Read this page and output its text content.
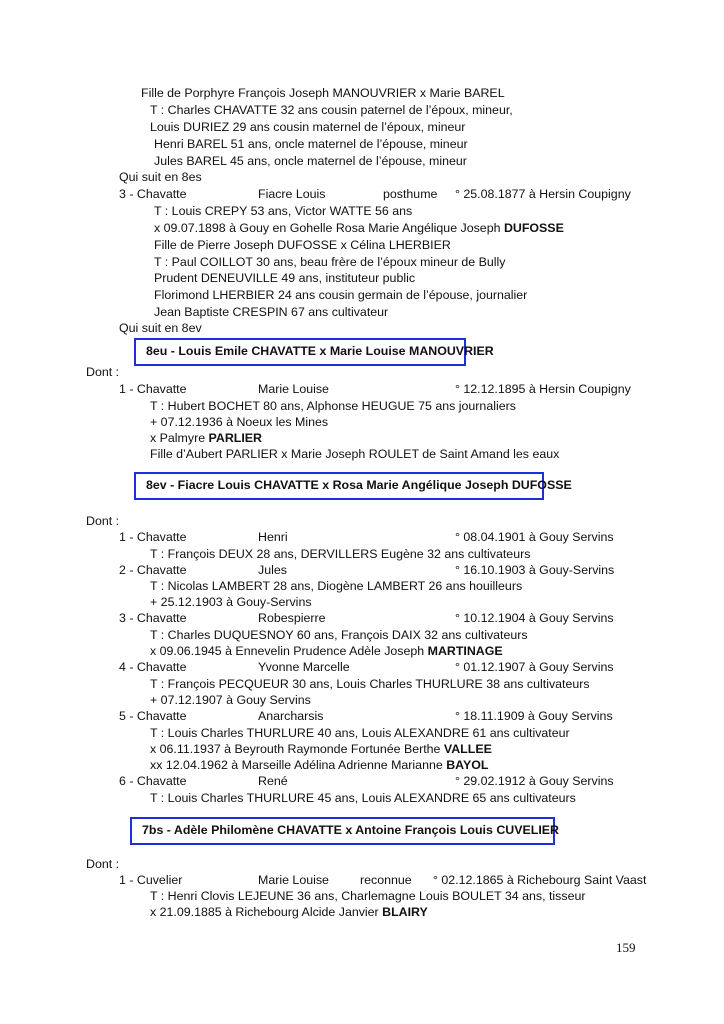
Fille de Porphyre François Joseph MANOUVRIER x Marie BAREL
T : Charles CHAVATTE 32 ans cousin paternel de l’époux, mineur,
Louis DURIEZ 29 ans cousin maternel de l’époux, mineur
Henri BAREL 51 ans, oncle maternel de l’épouse, mineur
Jules BAREL 45 ans, oncle maternel de l’épouse, mineur
Qui suit en 8es
3 - Chavatte	Fiacre Louis	posthume ° 25.08.1877 à Hersin Coupigny
T : Louis CREPY 53 ans, Victor WATTE 56 ans
x 09.07.1898 à Gouy en Gohelle Rosa Marie Angélique Joseph DUFOSSE
Fille de Pierre Joseph DUFOSSE x Célina LHERBIER
T : Paul COILLOT 30 ans, beau frère de l’époux mineur de Bully
Prudent DENEUVILLE 49 ans, instituteur public
Florimond LHERBIER 24 ans cousin germain de l’épouse, journalier
Jean Baptiste CRESPIN 67 ans cultivateur
Qui suit en 8ev
8eu - Louis Emile CHAVATTE x Marie Louise MANOUVRIER
Dont :
1 - Chavatte	Marie Louise	° 12.12.1895 à Hersin Coupigny
T : Hubert BOCHET 80 ans, Alphonse HEUGUE 75 ans journaliers
+ 07.12.1936 à Noeux les Mines
x Palmyre PARLIER
Fille d’Aubert PARLIER x Marie Joseph ROULET de Saint Amand les eaux
8ev - Fiacre Louis CHAVATTE x Rosa Marie Angélique Joseph DUFOSSE
Dont :
1 - Chavatte	Henri	° 08.04.1901 à Gouy Servins
T : François DEUX 28 ans, DERVILLERS Eugène 32 ans cultivateurs
2 - Chavatte	Jules	° 16.10.1903 à Gouy-Servins
T : Nicolas LAMBERT 28 ans, Diogène LAMBERT 26 ans houilleurs
+ 25.12.1903 à Gouy-Servins
3 - Chavatte	Robespierre	° 10.12.1904 à Gouy Servins
T : Charles DUQUESNOY 60 ans, François DAIX 32 ans cultivateurs
x 09.06.1945 à Ennevelin Prudence Adèle Joseph MARTINAGE
4 - Chavatte	Yvonne Marcelle	° 01.12.1907 à Gouy Servins
T : François PECQUEUR 30 ans, Louis Charles THURLURE 38 ans cultivateurs
+ 07.12.1907 à Gouy Servins
5 - Chavatte	Anarcharsis	° 18.11.1909 à Gouy Servins
T : Louis Charles THURLURE 40 ans, Louis ALEXANDRE 61 ans cultivateur
x 06.11.1937 à Beyrouth Raymonde Fortunée Berthe VALLEE
xx 12.04.1962 à Marseille Adélina Adrienne Marianne BAYOL
6 - Chavatte	René	° 29.02.1912 à Gouy Servins
T : Louis Charles THURLURE 45 ans, Louis ALEXANDRE 65 ans cultivateurs
7bs - Adèle Philomène CHAVATTE x Antoine François Louis CUVELIER
Dont :
1 - Cuvelier	Marie Louise	reconnue ° 02.12.1865 à Richebourg Saint Vaast
T : Henri Clovis LEJEUNE 36 ans, Charlemagne Louis BOULET 34 ans, tisseur
x 21.09.1885 à Richebourg Alcide Janvier BLAIRY
159
